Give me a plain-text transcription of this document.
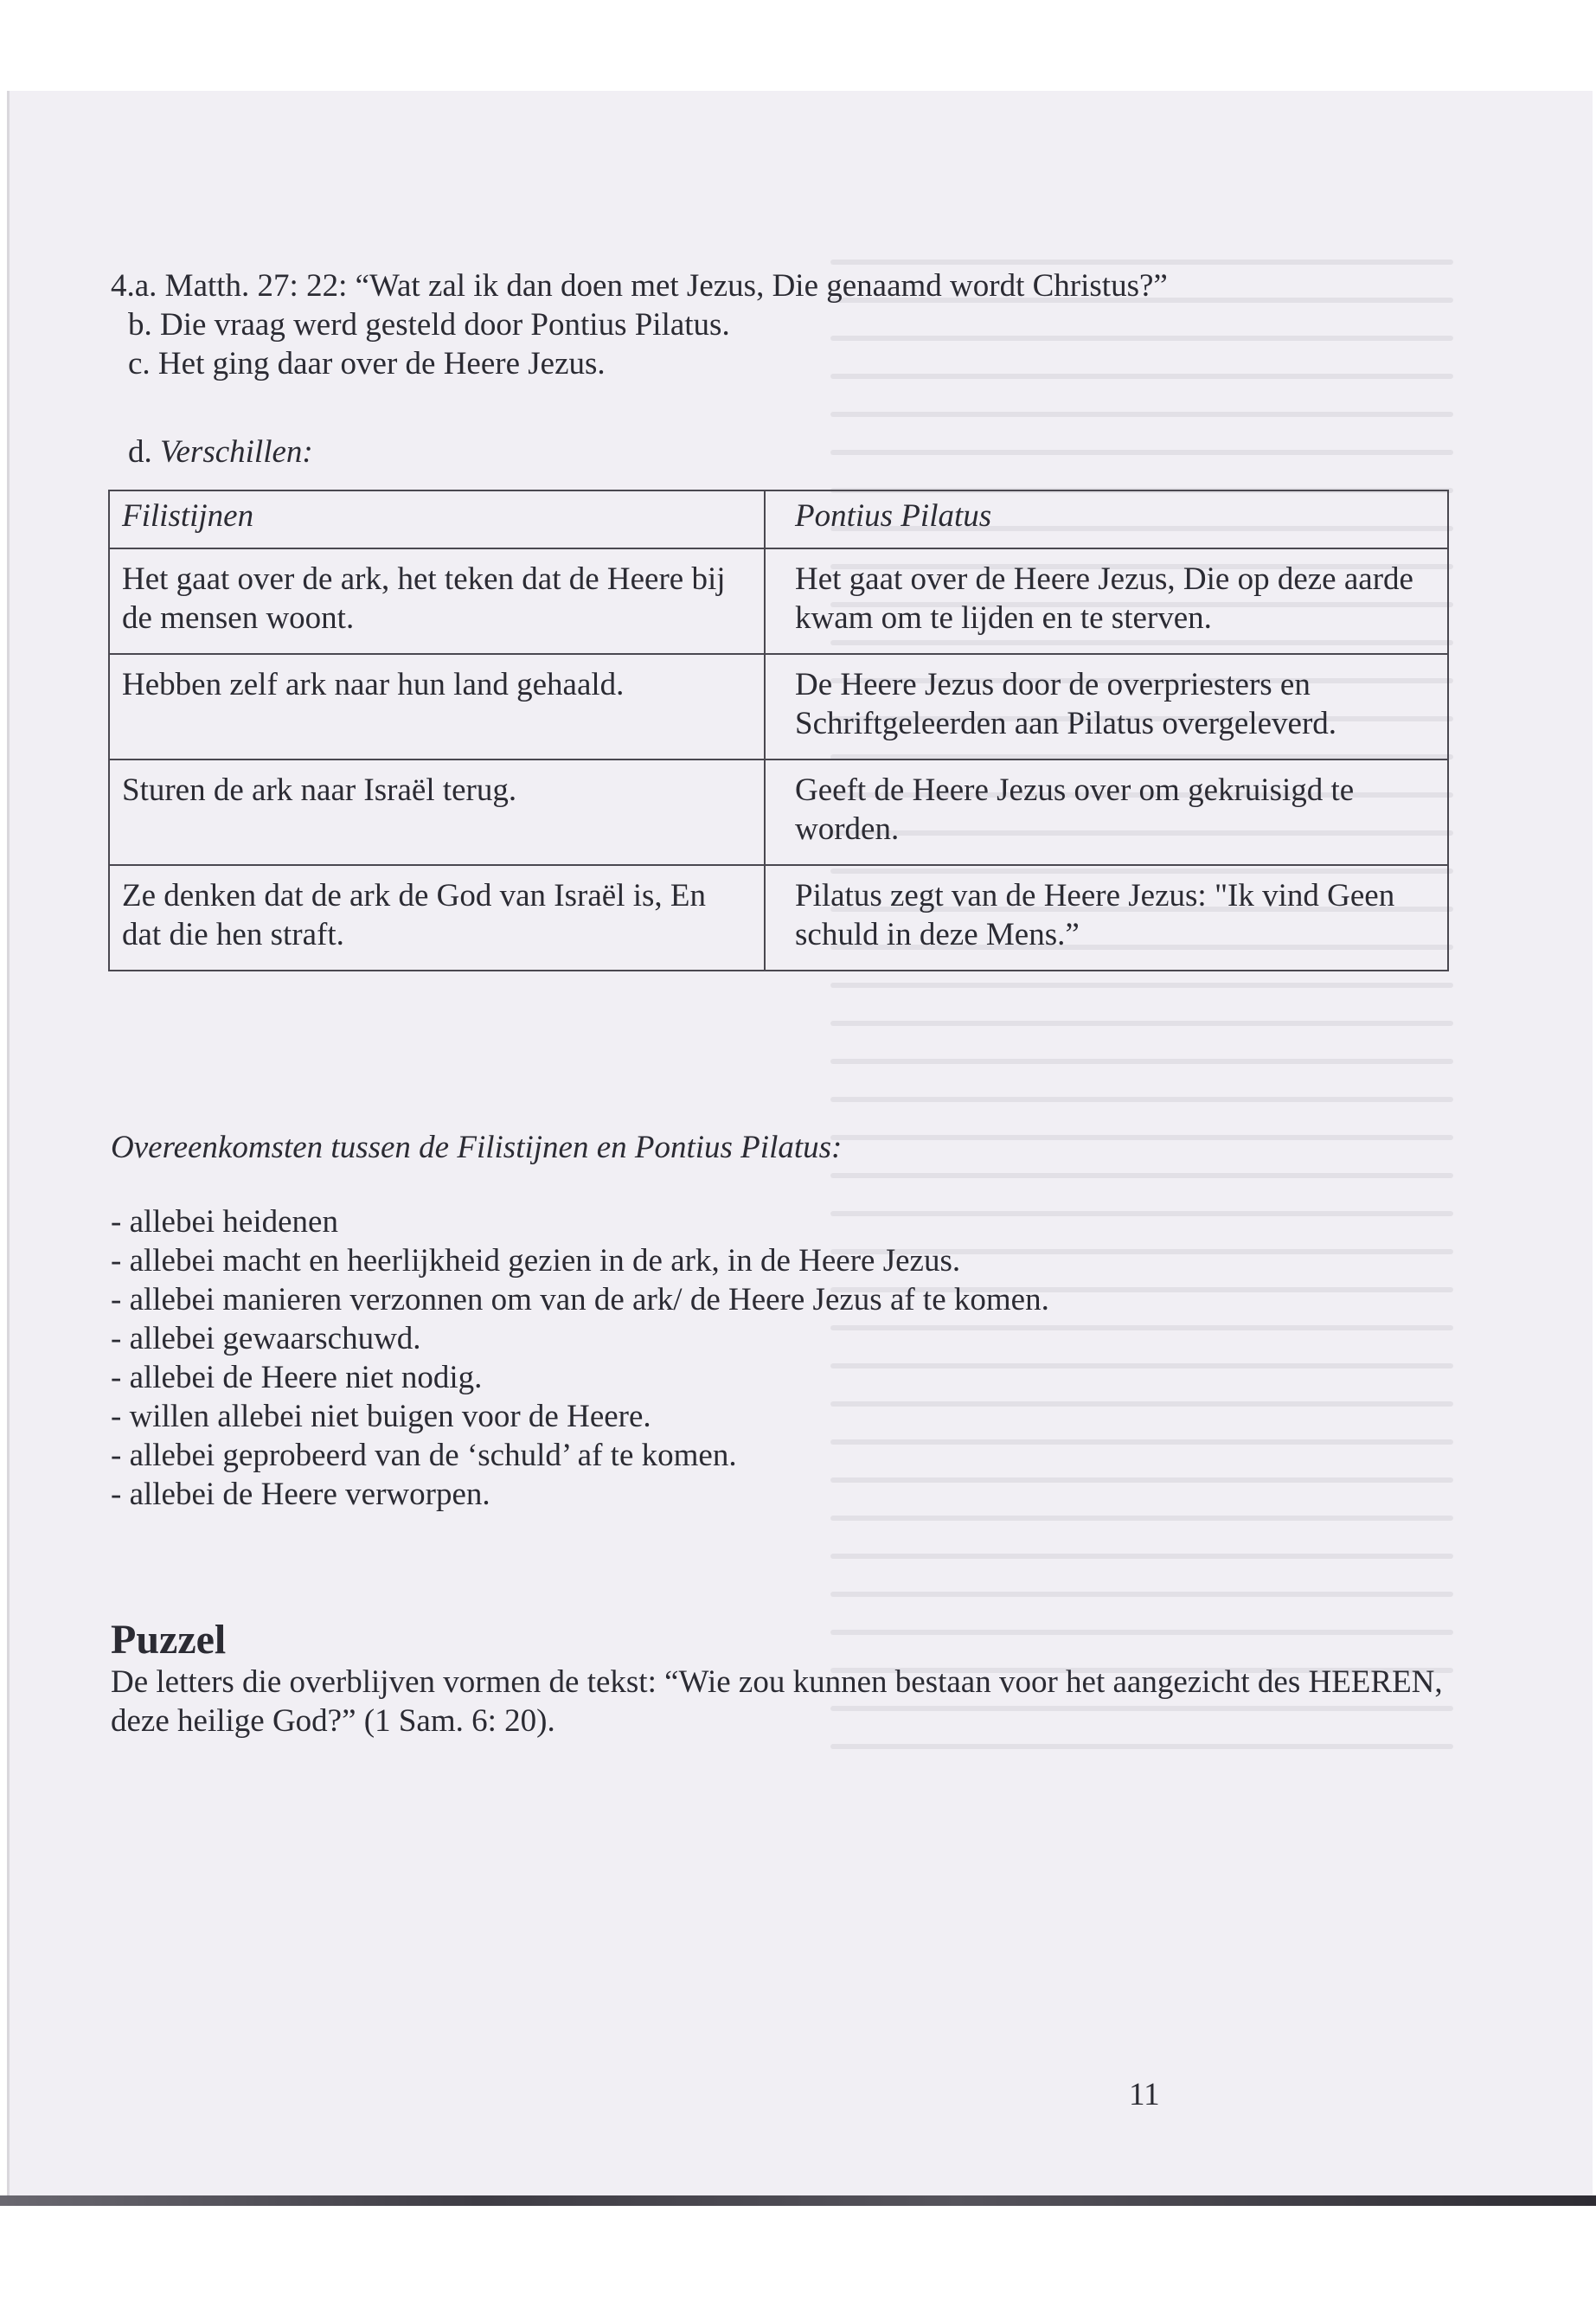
4.a. Matth. 27: 22: “Wat zal ik dan doen met Jezus, Die genaamd wordt Christus?”
b. Die vraag werd gesteld door Pontius Pilatus.
c. Het ging daar over de Heere Jezus.
d. Verschillen:
Filistijnen	Pontius Pilatus
Het gaat over de ark, het teken dat de Heere bij de mensen woont.	Het gaat over de Heere Jezus, Die op deze aarde kwam om te lijden en te sterven.
Hebben zelf ark naar hun land gehaald.	De Heere Jezus door de overpriesters en Schriftgeleerden aan Pilatus overgeleverd.
Sturen de ark naar Israël terug.	Geeft de Heere Jezus over om gekruisigd te worden.
Ze denken dat de ark de God van Israël is, En dat die hen straft.	Pilatus zegt van de Heere Jezus: "Ik vind Geen schuld in deze Mens.”
Overeenkomsten tussen de Filistijnen en Pontius Pilatus:
- allebei heidenen
- allebei macht en heerlijkheid gezien in de ark, in de Heere Jezus.
- allebei manieren verzonnen om van de ark/ de Heere Jezus af te komen.
- allebei gewaarschuwd.
- allebei de Heere niet nodig.
- willen allebei niet buigen voor de Heere.
- allebei geprobeerd van de ‘schuld’ af te komen.
- allebei de Heere verworpen.
Puzzel
De letters die overblijven vormen de tekst: “Wie zou kunnen bestaan voor het aangezicht des HEEREN, deze heilige God?” (1 Sam. 6: 20).
11
